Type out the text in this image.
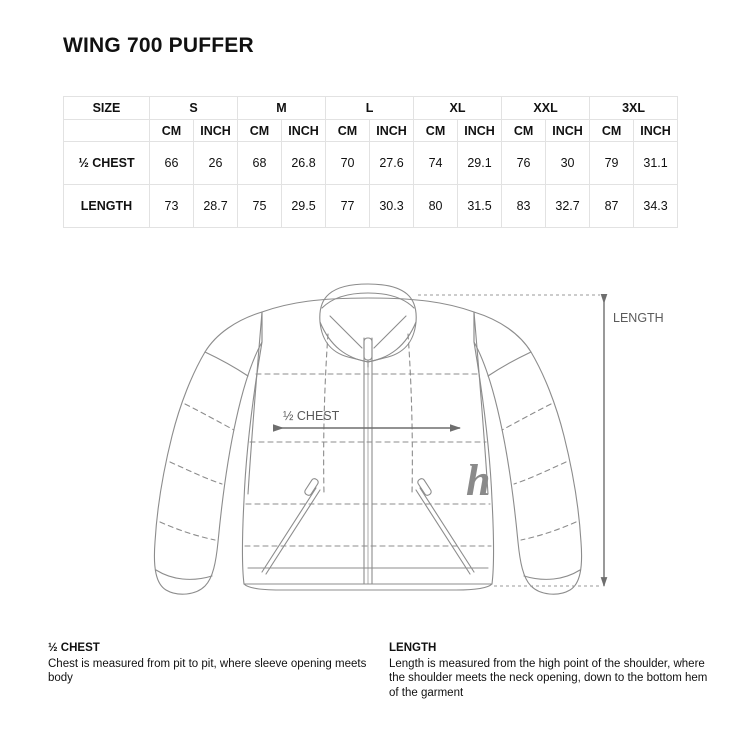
WING 700 PUFFER
SIZE	S		M		L		XL		XXL		3XL	
	CM	INCH	CM	INCH	CM	INCH	CM	INCH	CM	INCH	CM	INCH
½ CHEST	66	26	68	26.8	70	27.6	74	29.1	76	30	79	31.1
LENGTH	73	28.7	75	29.5	77	30.3	80	31.5	83	32.7	87	34.3
h
½ CHEST
LENGTH
½ CHEST
Chest is measured from pit to pit, where sleeve opening meets body
LENGTH
Length is measured from the high point of the shoulder, where the shoulder meets the neck opening, down to the bottom hem of the garment
